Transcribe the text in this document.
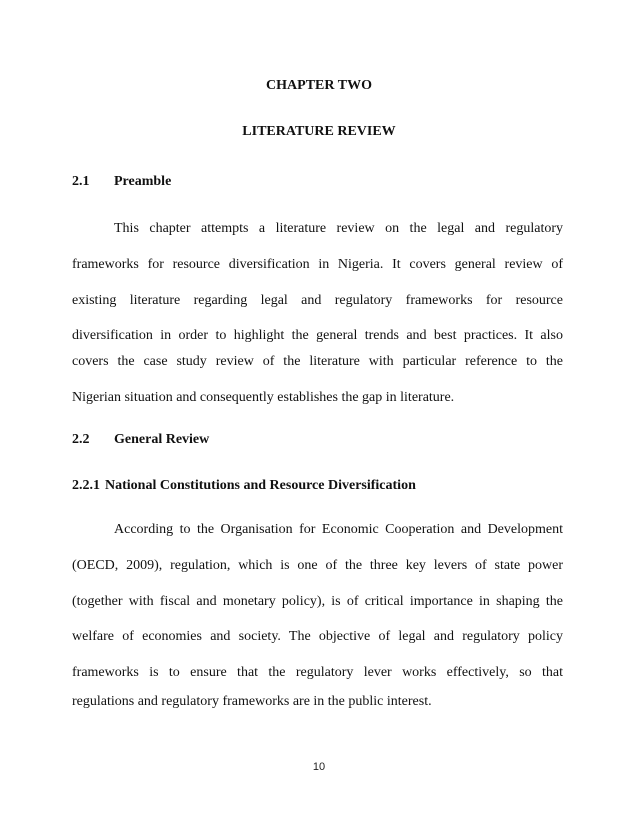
CHAPTER TWO
LITERATURE REVIEW
2.1 Preamble
This chapter attempts a literature review on the legal and regulatory
frameworks for resource diversification in Nigeria. It covers general review of
existing literature regarding legal and regulatory frameworks for resource
diversification in order to highlight the general trends and best practices. It also
covers the case study review of the literature with particular reference to the
Nigerian situation and consequently establishes the gap in literature.
2.2 General Review
2.2.1 National Constitutions and Resource Diversification
According to the Organisation for Economic Cooperation and Development
(OECD, 2009), regulation, which is one of the three key levers of state power
(together with fiscal and monetary policy), is of critical importance in shaping the
welfare of economies and society. The objective of legal and regulatory policy
frameworks is to ensure that the regulatory lever works effectively, so that
regulations and regulatory frameworks are in the public interest.
10
